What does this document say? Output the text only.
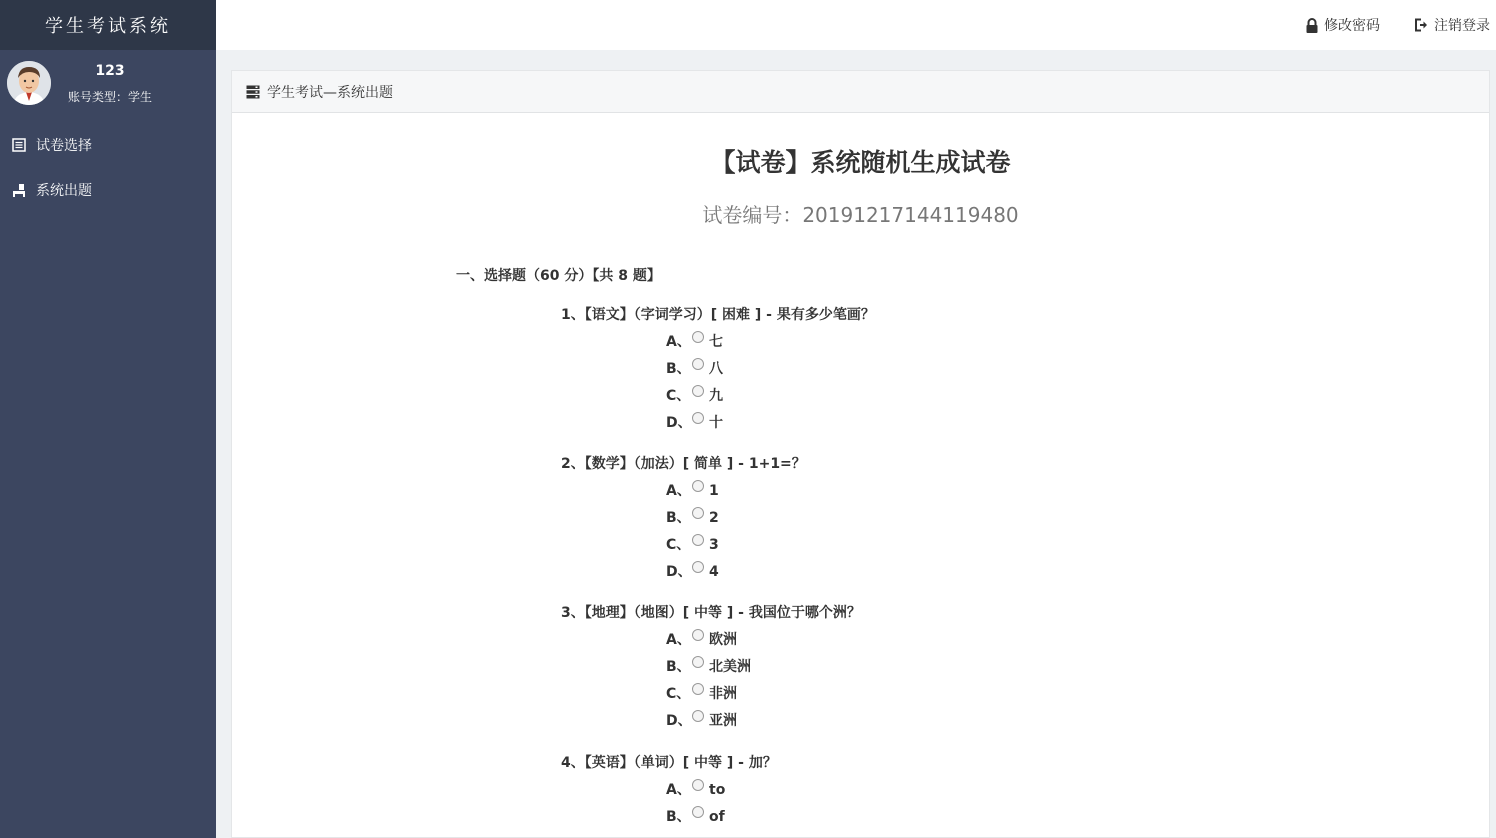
学生考试系统
123
账号类型：学生
试卷选择
系统出题
修改密码	注销登录
学生考试—系统出题
【试卷】系统随机生成试卷
试卷编号：20191217144119480
一、选择题（60 分）【共 8 题】
1、【语文】（字词学习）[ 困难 ] - 果有多少笔画？
A、 七
B、 八
C、 九
D、 十
2、【数学】（加法）[ 简单 ] - 1+1=？
A、 1
B、 2
C、 3
D、 4
3、【地理】（地图）[ 中等 ] - 我国位于哪个洲？
A、 欧洲
B、 北美洲
C、 非洲
D、 亚洲
4、【英语】（单词）[ 中等 ] - 加？
A、 to
B、 of
